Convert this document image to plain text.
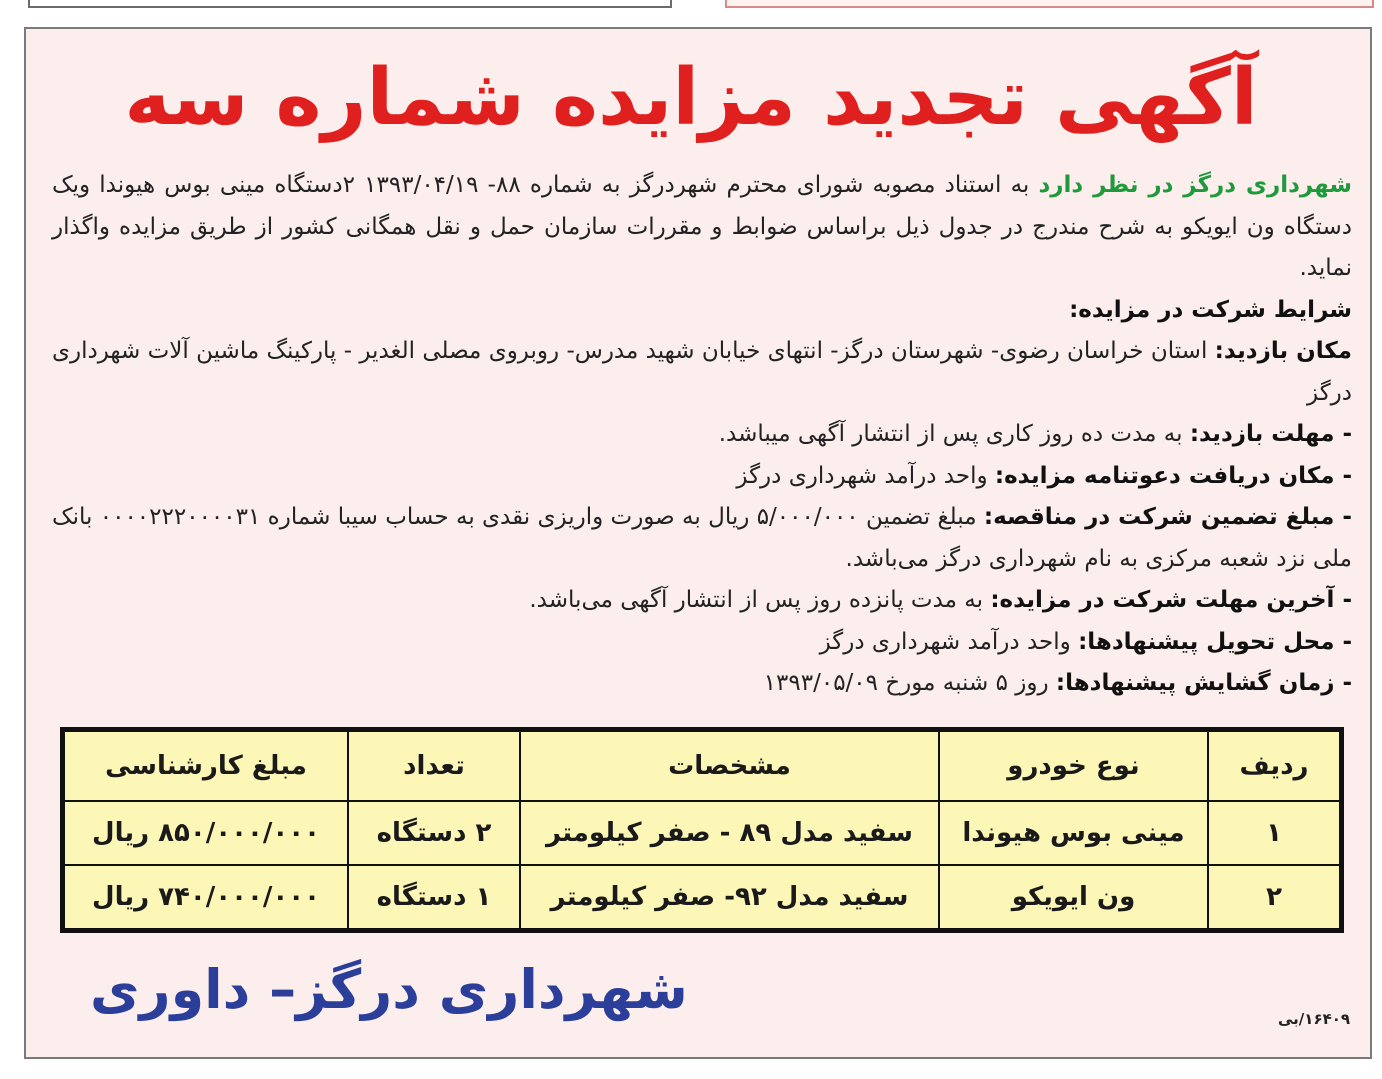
آگهی تجدید مزایده شماره سه

شهرداری درگز در نظر دارد به استناد مصوبه شورای محترم شهردرگز به شماره ۸۸- ۱۳۹۳/۰۴/۱۹ ۲دستگاه مینی بوس هیوندا ویک دستگاه ون ایویکو به شرح مندرج در جدول ذیل براساس ضوابط و مقررات سازمان حمل و نقل همگانی کشور از طریق مزایده واگذار نماید.

شرایط شرکت در مزایده:

مکان بازدید: استان خراسان رضوی- شهرستان درگز- انتهای خیابان شهید مدرس- روبروی مصلی الغدیر - پارکینگ ماشین آلات شهرداری درگز

- مهلت بازدید: به مدت ده روز کاری پس از انتشار آگهی میباشد.

- مکان دریافت دعوتنامه مزایده: واحد درآمد شهرداری درگز

- مبلغ تضمین شرکت در مناقصه: مبلغ تضمین ۵/۰۰۰/۰۰۰ ریال به صورت واریزی نقدی به حساب سیبا شماره ۰۰۰۰۲۲۲۰۰۰۰۳۱ بانک ملی نزد شعبه مرکزی به نام شهرداری درگز می‌باشد.

- آخرین مهلت شرکت در مزایده: به مدت پانزده روز پس از انتشار آگهی می‌باشد.

- محل تحویل پیشنهادها: واحد درآمد شهرداری درگز

- زمان گشایش پیشنهادها: روز ۵ شنبه مورخ ۱۳۹۳/۰۵/۰۹

ردیف	نوع خودرو	مشخصات	تعداد	مبلغ کارشناسی
۱	مینی بوس هیوندا	سفید مدل ۸۹ - صفر کیلومتر	۲ دستگاه	۸۵۰/۰۰۰/۰۰۰ ریال
۲	ون ایویکو	سفید مدل ۹۲- صفر کیلومتر	۱ دستگاه	۷۴۰/۰۰۰/۰۰۰ ریال
شهرداری درگز– داوری	۱۶۴۰۹/بی
